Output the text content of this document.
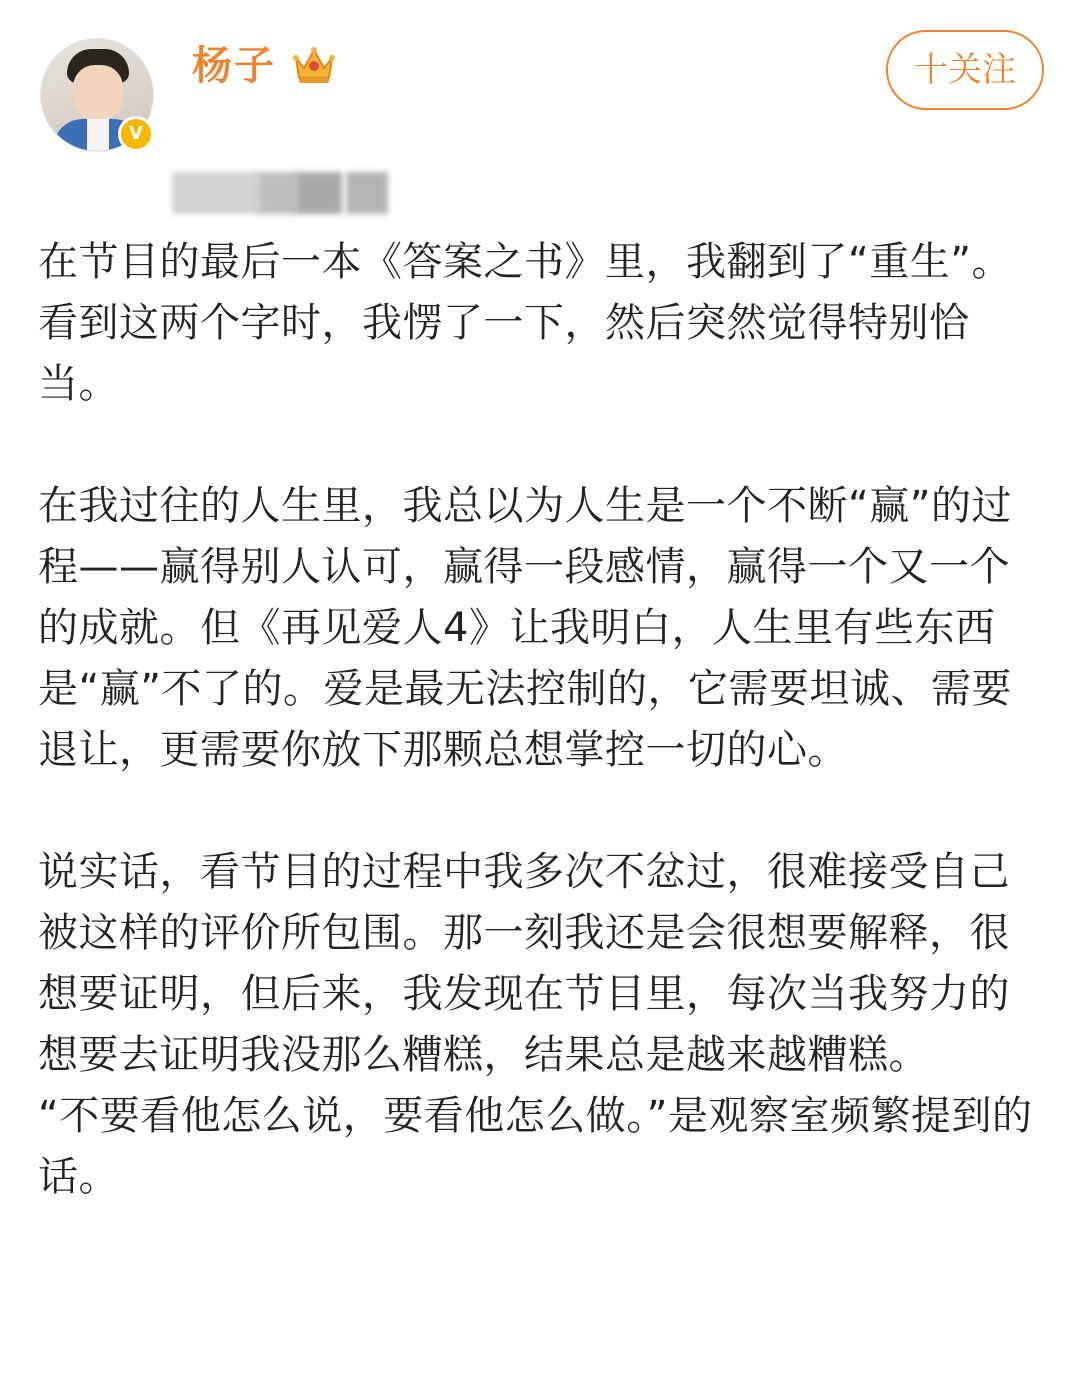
V
杨子	十关注

在节目的最后一本《答案之书》里，我翻到了“重生”。

看到这两个字时，我愣了一下，然后突然觉得特别恰当。

在我过往的人生里，我总以为人生是一个不断“赢”的过程——赢得别人认可，赢得一段感情，赢得一个又一个的成就。但《再见爱人4》让我明白，人生里有些东西是“赢”不了的。爱是最无法控制的，它需要坦诚、需要退让，更需要你放下那颗总想掌控一切的心。

说实话，看节目的过程中我多次不忿过，很难接受自己被这样的评价所包围。那一刻我还是会很想要解释，很想要证明，但后来，我发现在节目里，每次当我努力的想要去证明我没那么糟糕，结果总是越来越糟糕。

“不要看他怎么说，要看他怎么做。”是观察室频繁提到的话。
